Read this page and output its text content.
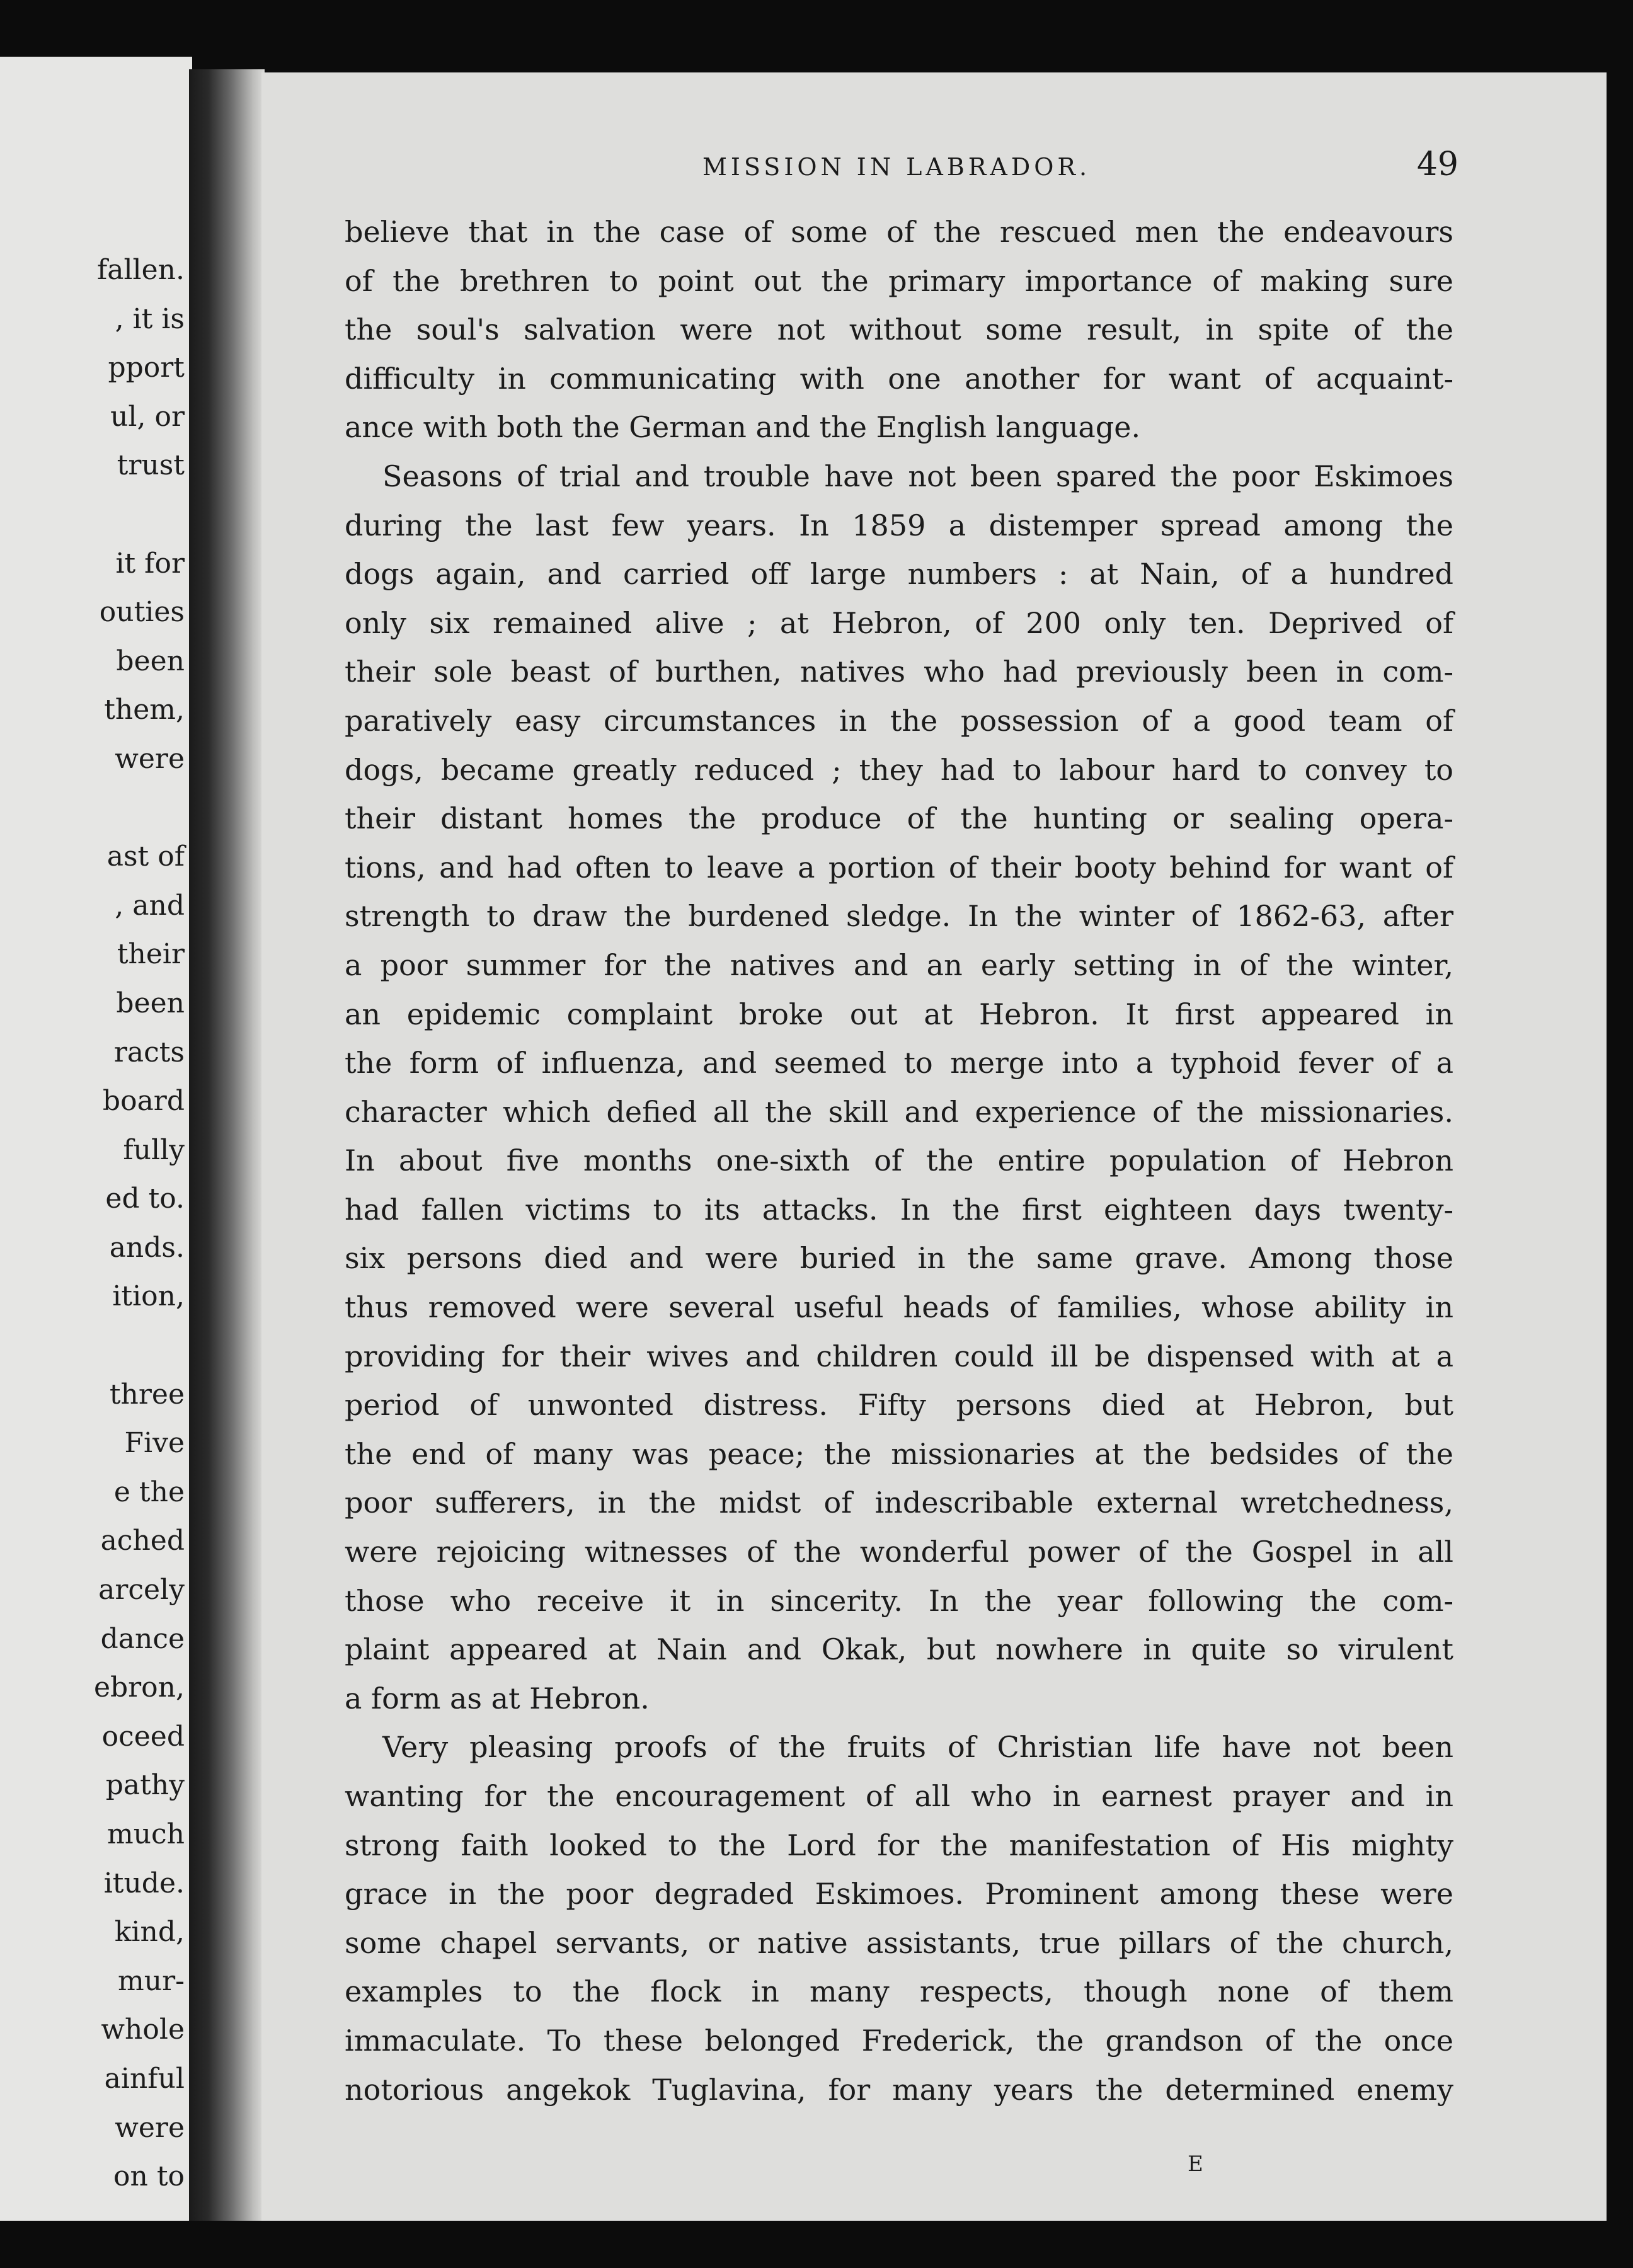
fallen.
, it is
pport
ul, or
trust
it for
outies
been
them,
were
ast of
, and
their
been
racts
board
fully
ed to.
ands.
ition,
three
Five
e the
ached
arcely
dance
ebron,
oceed
pathy
much
itude.
kind,
mur-
whole
ainful
were
on to
MISSION IN LABRADOR.	49
believe that in the case of some of the rescued men the endeavours
of the brethren to point out the primary importance of making sure
the soul's salvation were not without some result, in spite of the
difficulty in communicating with one another for want of acquaint-
ance with both the German and the English language.
Seasons of trial and trouble have not been spared the poor Eskimoes
during the last few years. In 1859 a distemper spread among the
dogs again, and carried off large numbers : at Nain, of a hundred
only six remained alive ; at Hebron, of 200 only ten. Deprived of
their sole beast of burthen, natives who had previously been in com-
paratively easy circumstances in the possession of a good team of
dogs, became greatly reduced ; they had to labour hard to convey to
their distant homes the produce of the hunting or sealing opera-
tions, and had often to leave a portion of their booty behind for want of
strength to draw the burdened sledge. In the winter of 1862-63, after
a poor summer for the natives and an early setting in of the winter,
an epidemic complaint broke out at Hebron. It first appeared in
the form of influenza, and seemed to merge into a typhoid fever of a
character which defied all the skill and experience of the missionaries.
In about five months one-sixth of the entire population of Hebron
had fallen victims to its attacks. In the first eighteen days twenty-
six persons died and were buried in the same grave. Among those
thus removed were several useful heads of families, whose ability in
providing for their wives and children could ill be dispensed with at a
period of unwonted distress. Fifty persons died at Hebron, but
the end of many was peace; the missionaries at the bedsides of the
poor sufferers, in the midst of indescribable external wretchedness,
were rejoicing witnesses of the wonderful power of the Gospel in all
those who receive it in sincerity. In the year following the com-
plaint appeared at Nain and Okak, but nowhere in quite so virulent
a form as at Hebron.
Very pleasing proofs of the fruits of Christian life have not been
wanting for the encouragement of all who in earnest prayer and in
strong faith looked to the Lord for the manifestation of His mighty
grace in the poor degraded Eskimoes. Prominent among these were
some chapel servants, or native assistants, true pillars of the church,
examples to the flock in many respects, though none of them
immaculate. To these belonged Frederick, the grandson of the once
notorious angekok Tuglavina, for many years the determined enemy
E
